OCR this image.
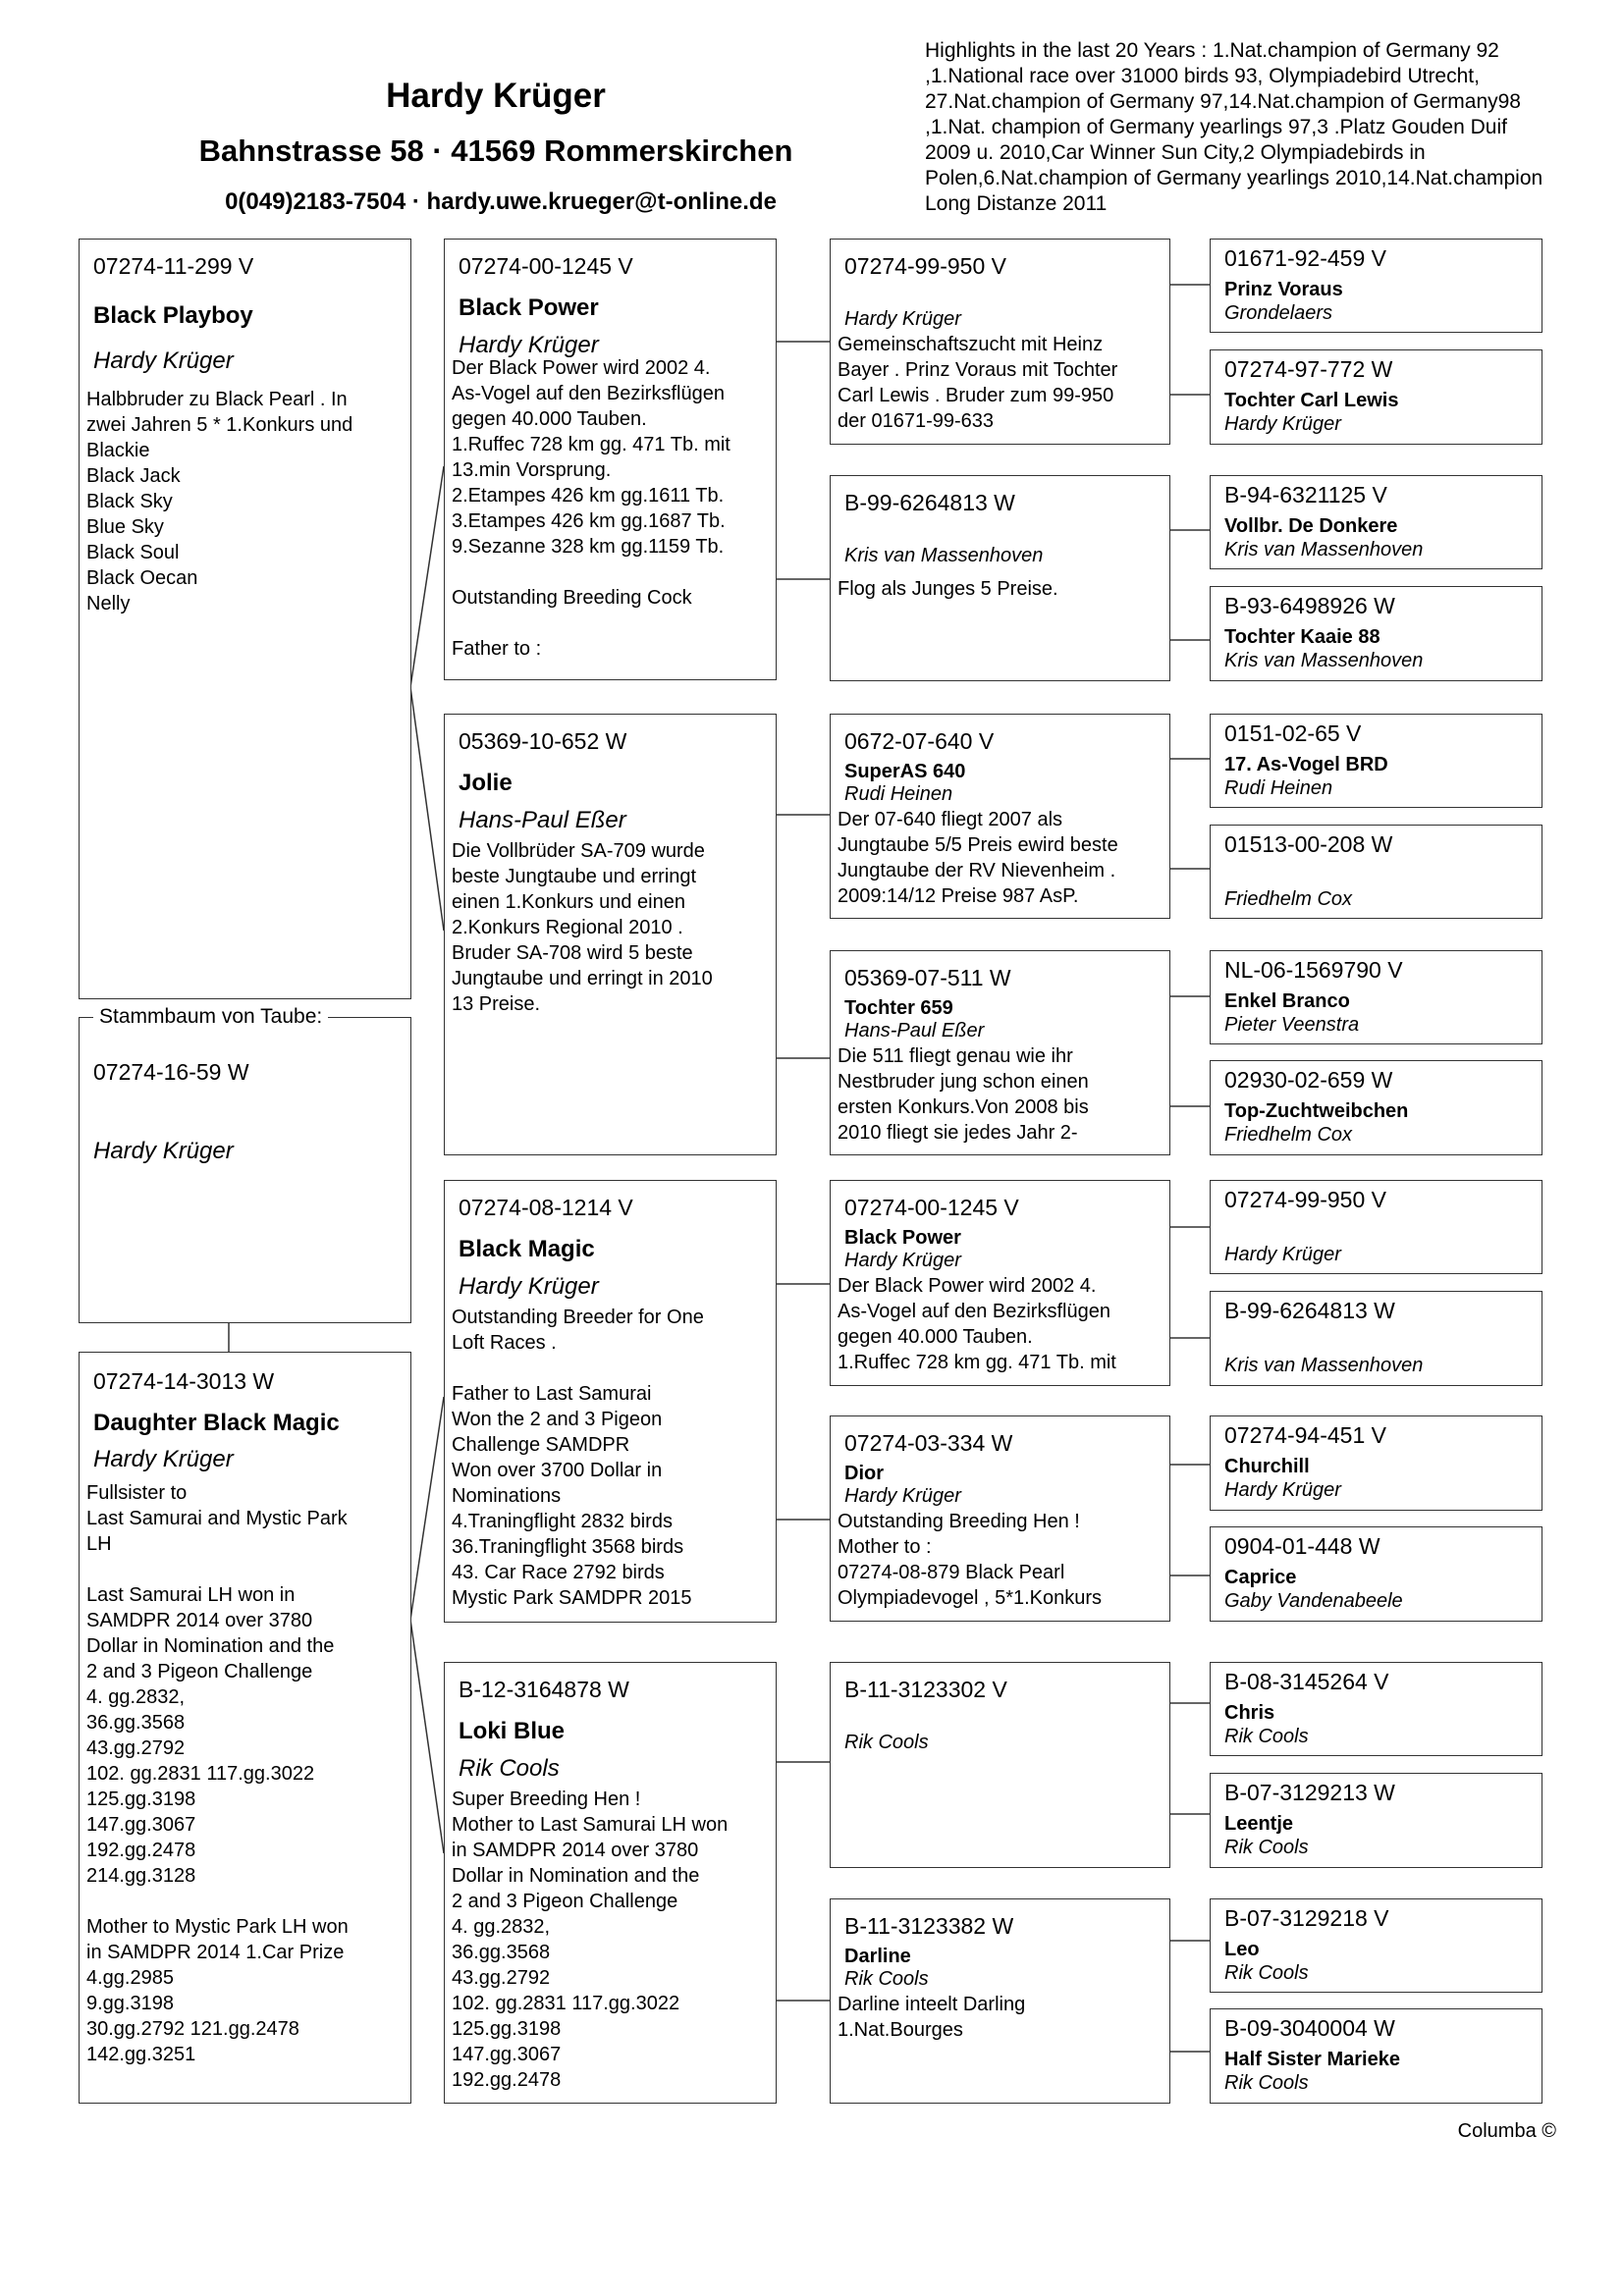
Hardy Krüger
Bahnstrasse 58 · 41569 Rommerskirchen
0(049)2183-7504 · hardy.uwe.krueger@t-online.de
Highlights in the last 20 Years : 1.Nat.champion of Germany 92 ,1.National race over 31000 birds 93, Olympiadebird Utrecht, 27.Nat.champion of Germany 97,14.Nat.champion of Germany98 ,1.Nat. champion of Germany yearlings 97,3 .Platz Gouden Duif 2009 u. 2010,Car Winner Sun City,2 Olympiadebirds in Polen,6.Nat.champion of Germany yearlings 2010,14.Nat.champion Long Distanze 2011
07274-11-299 V
Black Playboy
Hardy Krüger
Halbbruder zu Black Pearl . In
zwei Jahren 5 * 1.Konkurs und
Blackie
Black Jack
Black Sky
Blue Sky
Black Soul
Black Oecan
Nelly
07274-16-59 W
Hardy Krüger
Stammbaum von Taube:
07274-14-3013 W
Daughter Black Magic
Hardy Krüger
Fullsister to
Last Samurai and Mystic Park
LH

Last Samurai LH won in
SAMDPR 2014 over 3780
Dollar in Nomination and the
2 and 3 Pigeon Challenge
4. gg.2832,
36.gg.3568
43.gg.2792
102. gg.2831 117.gg.3022
125.gg.3198
147.gg.3067
192.gg.2478
214.gg.3128

Mother to Mystic Park LH won
in SAMDPR 2014 1.Car Prize
4.gg.2985
9.gg.3198
30.gg.2792 121.gg.2478
142.gg.3251
07274-00-1245 V
Black Power
Hardy Krüger
Der Black Power wird 2002 4.
As-Vogel auf den Bezirksflügen
gegen 40.000 Tauben.
1.Ruffec 728 km gg. 471 Tb. mit
13.min Vorsprung.
2.Etampes 426 km gg.1611 Tb.
3.Etampes 426 km gg.1687 Tb.
9.Sezanne 328 km gg.1159 Tb.

Outstanding Breeding Cock

Father to :
05369-10-652 W
Jolie
Hans-Paul Eßer
Die Vollbrüder SA-709 wurde
beste Jungtaube und erringt
einen 1.Konkurs und einen
2.Konkurs Regional 2010 .
Bruder SA-708 wird 5 beste
Jungtaube und erringt in 2010
13 Preise.
07274-08-1214 V
Black Magic
Hardy Krüger
Outstanding Breeder for One
Loft Races .

Father to Last Samurai
Won the 2 and 3 Pigeon
Challenge SAMDPR
Won over 3700 Dollar in
Nominations
4.Traningflight 2832 birds
36.Traningflight 3568 birds
43. Car Race 2792 birds
Mystic Park SAMDPR 2015
B-12-3164878 W
Loki Blue
Rik Cools
Super Breeding Hen !
Mother to Last Samurai LH won
in SAMDPR 2014 over 3780
Dollar in Nomination and the
2 and 3 Pigeon Challenge
4. gg.2832,
36.gg.3568
43.gg.2792
102. gg.2831 117.gg.3022
125.gg.3198
147.gg.3067
192.gg.2478
07274-99-950 V
Hardy Krüger
Gemeinschaftszucht mit Heinz
Bayer . Prinz Voraus mit Tochter
Carl Lewis . Bruder zum 99-950
der 01671-99-633
B-99-6264813 W
Kris van Massenhoven
Flog als Junges 5 Preise.
0672-07-640 V
SuperAS 640
Rudi Heinen
Der 07-640 fliegt 2007 als
Jungtaube 5/5 Preis ewird beste
Jungtaube der RV Nievenheim .
2009:14/12 Preise 987 AsP.
05369-07-511 W
Tochter 659
Hans-Paul Eßer
Die 511 fliegt genau wie ihr
Nestbruder jung schon einen
ersten Konkurs.Von 2008 bis
2010 fliegt sie jedes Jahr 2-
07274-00-1245 V
Black Power
Hardy Krüger
Der Black Power wird 2002 4.
As-Vogel auf den Bezirksflügen
gegen 40.000 Tauben.
1.Ruffec 728 km gg. 471 Tb. mit
07274-03-334 W
Dior
Hardy Krüger
Outstanding Breeding Hen !
Mother to :
07274-08-879 Black Pearl
Olympiadevogel , 5*1.Konkurs
B-11-3123302 V
Rik Cools
B-11-3123382 W
Darline
Rik Cools
Darline inteelt Darling
1.Nat.Bourges
01671-92-459 V
Prinz Voraus
Grondelaers
07274-97-772 W
Tochter Carl Lewis
Hardy Krüger
B-94-6321125 V
Vollbr. De Donkere
Kris van Massenhoven
B-93-6498926 W
Tochter Kaaie 88
Kris van Massenhoven
0151-02-65 V
17. As-Vogel BRD
Rudi Heinen
01513-00-208 W
Friedhelm Cox
NL-06-1569790 V
Enkel Branco
Pieter Veenstra
02930-02-659 W
Top-Zuchtweibchen
Friedhelm Cox
07274-99-950 V
Hardy Krüger
B-99-6264813 W
Kris van Massenhoven
07274-94-451 V
Churchill
Hardy Krüger
0904-01-448 W
Caprice
Gaby Vandenabeele
B-08-3145264 V
Chris
Rik Cools
B-07-3129213 W
Leentje
Rik Cools
B-07-3129218 V
Leo
Rik Cools
B-09-3040004 W
Half Sister Marieke
Rik Cools
Columba ©
